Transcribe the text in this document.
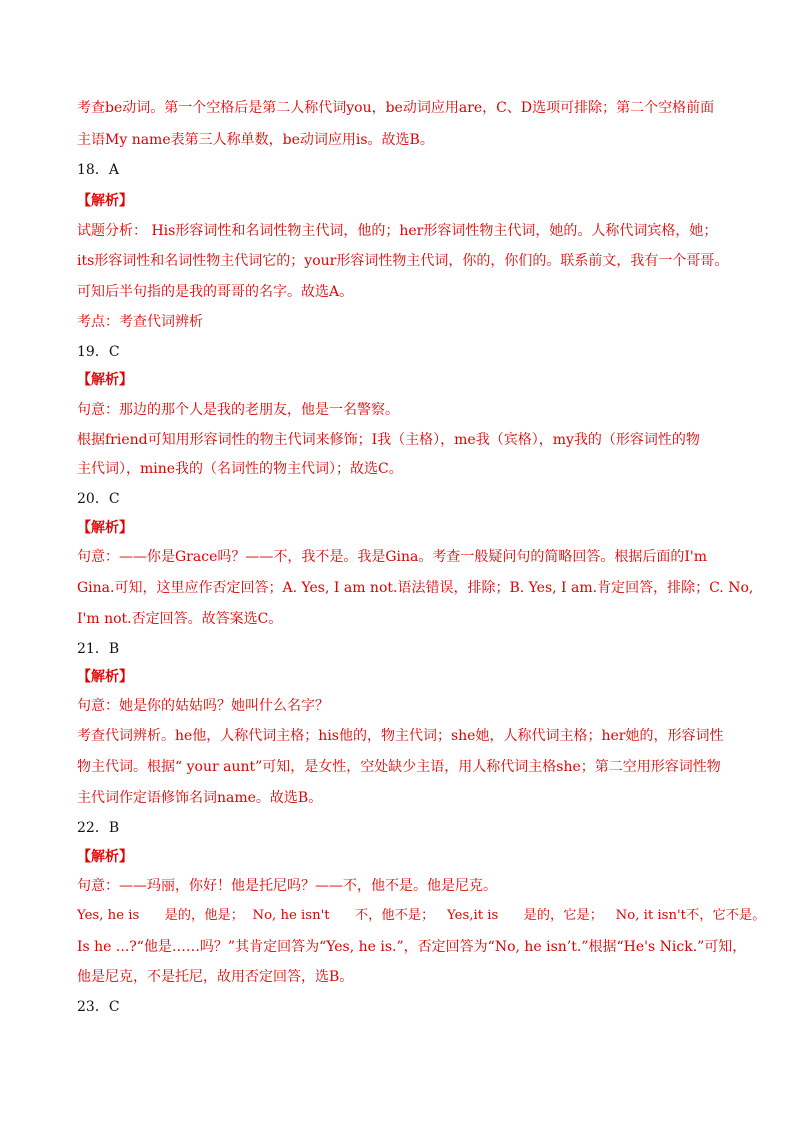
考查be动词。第一个空格后是第二人称代词you，be动词应用are，C、D选项可排除；第二个空格前面
主语My name表第三人称单数，be动词应用is。故选B。
18．A
【解析】
试题分析： His形容词性和名词性物主代词，他的；her形容词性物主代词，她的。人称代词宾格，她；
its形容词性和名词性物主代词它的；your形容词性物主代词，你的，你们的。联系前文，我有一个哥哥。
可知后半句指的是我的哥哥的名字。故选A。
考点：考查代词辨析
19．C
【解析】
句意：那边的那个人是我的老朋友，他是一名警察。
根据friend可知用形容词性的物主代词来修饰；I我（主格），me我（宾格），my我的（形容词性的物
主代词），mine我的（名词性的物主代词）；故选C。
20．C
【解析】
句意：——你是Grace吗？——不，我不是。我是Gina。考查一般疑问句的简略回答。根据后面的I'm
Gina.可知，这里应作否定回答；A. Yes, I am not.语法错误，排除；B. Yes, I am.肯定回答，排除；C. No,
I'm not.否定回答。故答案选C。
21．B
【解析】
句意：她是你的姑姑吗？她叫什么名字？
考查代词辨析。he他，人称代词主格；his他的，物主代词；she她，人称代词主格；her她的，形容词性
物主代词。根据“ your aunt”可知，是女性，空处缺少主语，用人称代词主格she；第二空用形容词性物
主代词作定语修饰名词name。故选B。
22．B
【解析】
句意：——玛丽，你好！他是托尼吗？——不，他不是。他是尼克。
Yes, he is      是的，他是；  No, he isn't      不，他不是；   Yes,it is      是的，它是；   No, it isn't不，它不是。
Is he ...?“他是……吗？”其肯定回答为“Yes, he is.”，否定回答为“No, he isn’t.”根据“He's Nick.”可知，
他是尼克，不是托尼，故用否定回答，选B。
23．C
